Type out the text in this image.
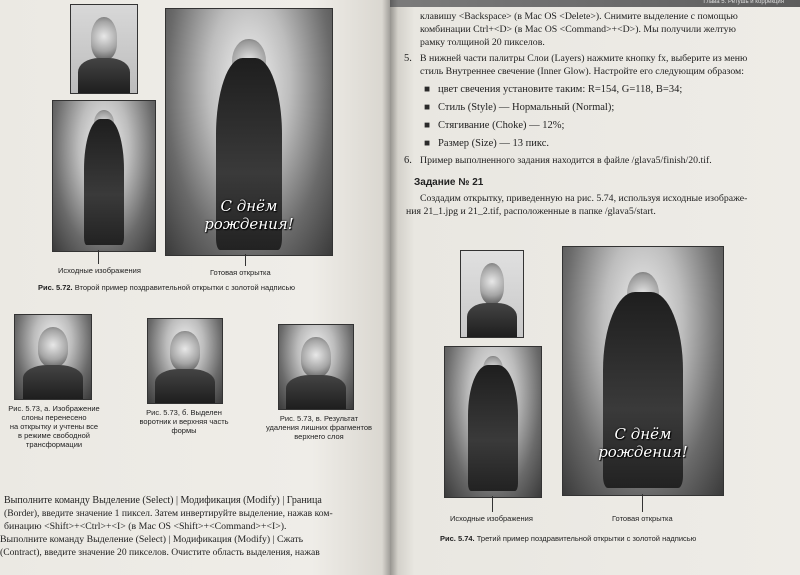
С днём рождения!
Исходные изображения	Готовая открытка
Рис. 5.72. Второй пример поздравительной открытки с золотой надписью
Рис. 5.73, а. Изображение
слоны перенесено
на открытку и учтены все
в режиме свободной
трансформации
Рис. 5.73, б. Выделен
воротник и верхняя часть
формы
Рис. 5.73, в. Результат
удаления лишних фрагментов
верхнего слоя
Выполните команду Выделение (Select) | Модификация (Modify) | Граница
(Border), введите значение 1 пиксел. Затем инвертируйте выделение, нажав ком-
бинацию <Shift>+<Ctrl>+<I> (в Mac OS <Shift>+<Command>+<I>).
Выполните команду Выделение (Select) | Модификация (Modify) | Сжать
(Contract), введите значение 20 пикселов. Очистите область выделения, нажав
Глава 5. Ретушь и коррекция
клавишу <Backspace> (в Mac OS <Delete>). Снимите выделение с помощью
комбинации Ctrl+<D> (в Mac OS <Command>+<D>). Мы получили желтую
рамку толщиной 20 пикселов.
5. В нижней части палитры Слои (Layers) нажмите кнопку fx, выберите из меню
стиль Внутреннее свечение (Inner Glow). Настройте его следующим образом:
■ цвет свечения установите таким: R=154, G=118, B=34;
■ Стиль (Style) — Нормальный (Normal);
■ Стягивание (Choke) — 12%;
■ Размер (Size) — 13 пикс.
6. Пример выполненного задания находится в файле /glava5/finish/20.tif.
Задание № 21
Создадим открытку, приведенную на рис. 5.74, используя исходные изображе-
ния 21_1.jpg и 21_2.tif, расположенные в папке /glava5/start.
С днём рождения!
Исходные изображения	Готовая открытка
Рис. 5.74. Третий пример поздравительной открытки с золотой надписью
